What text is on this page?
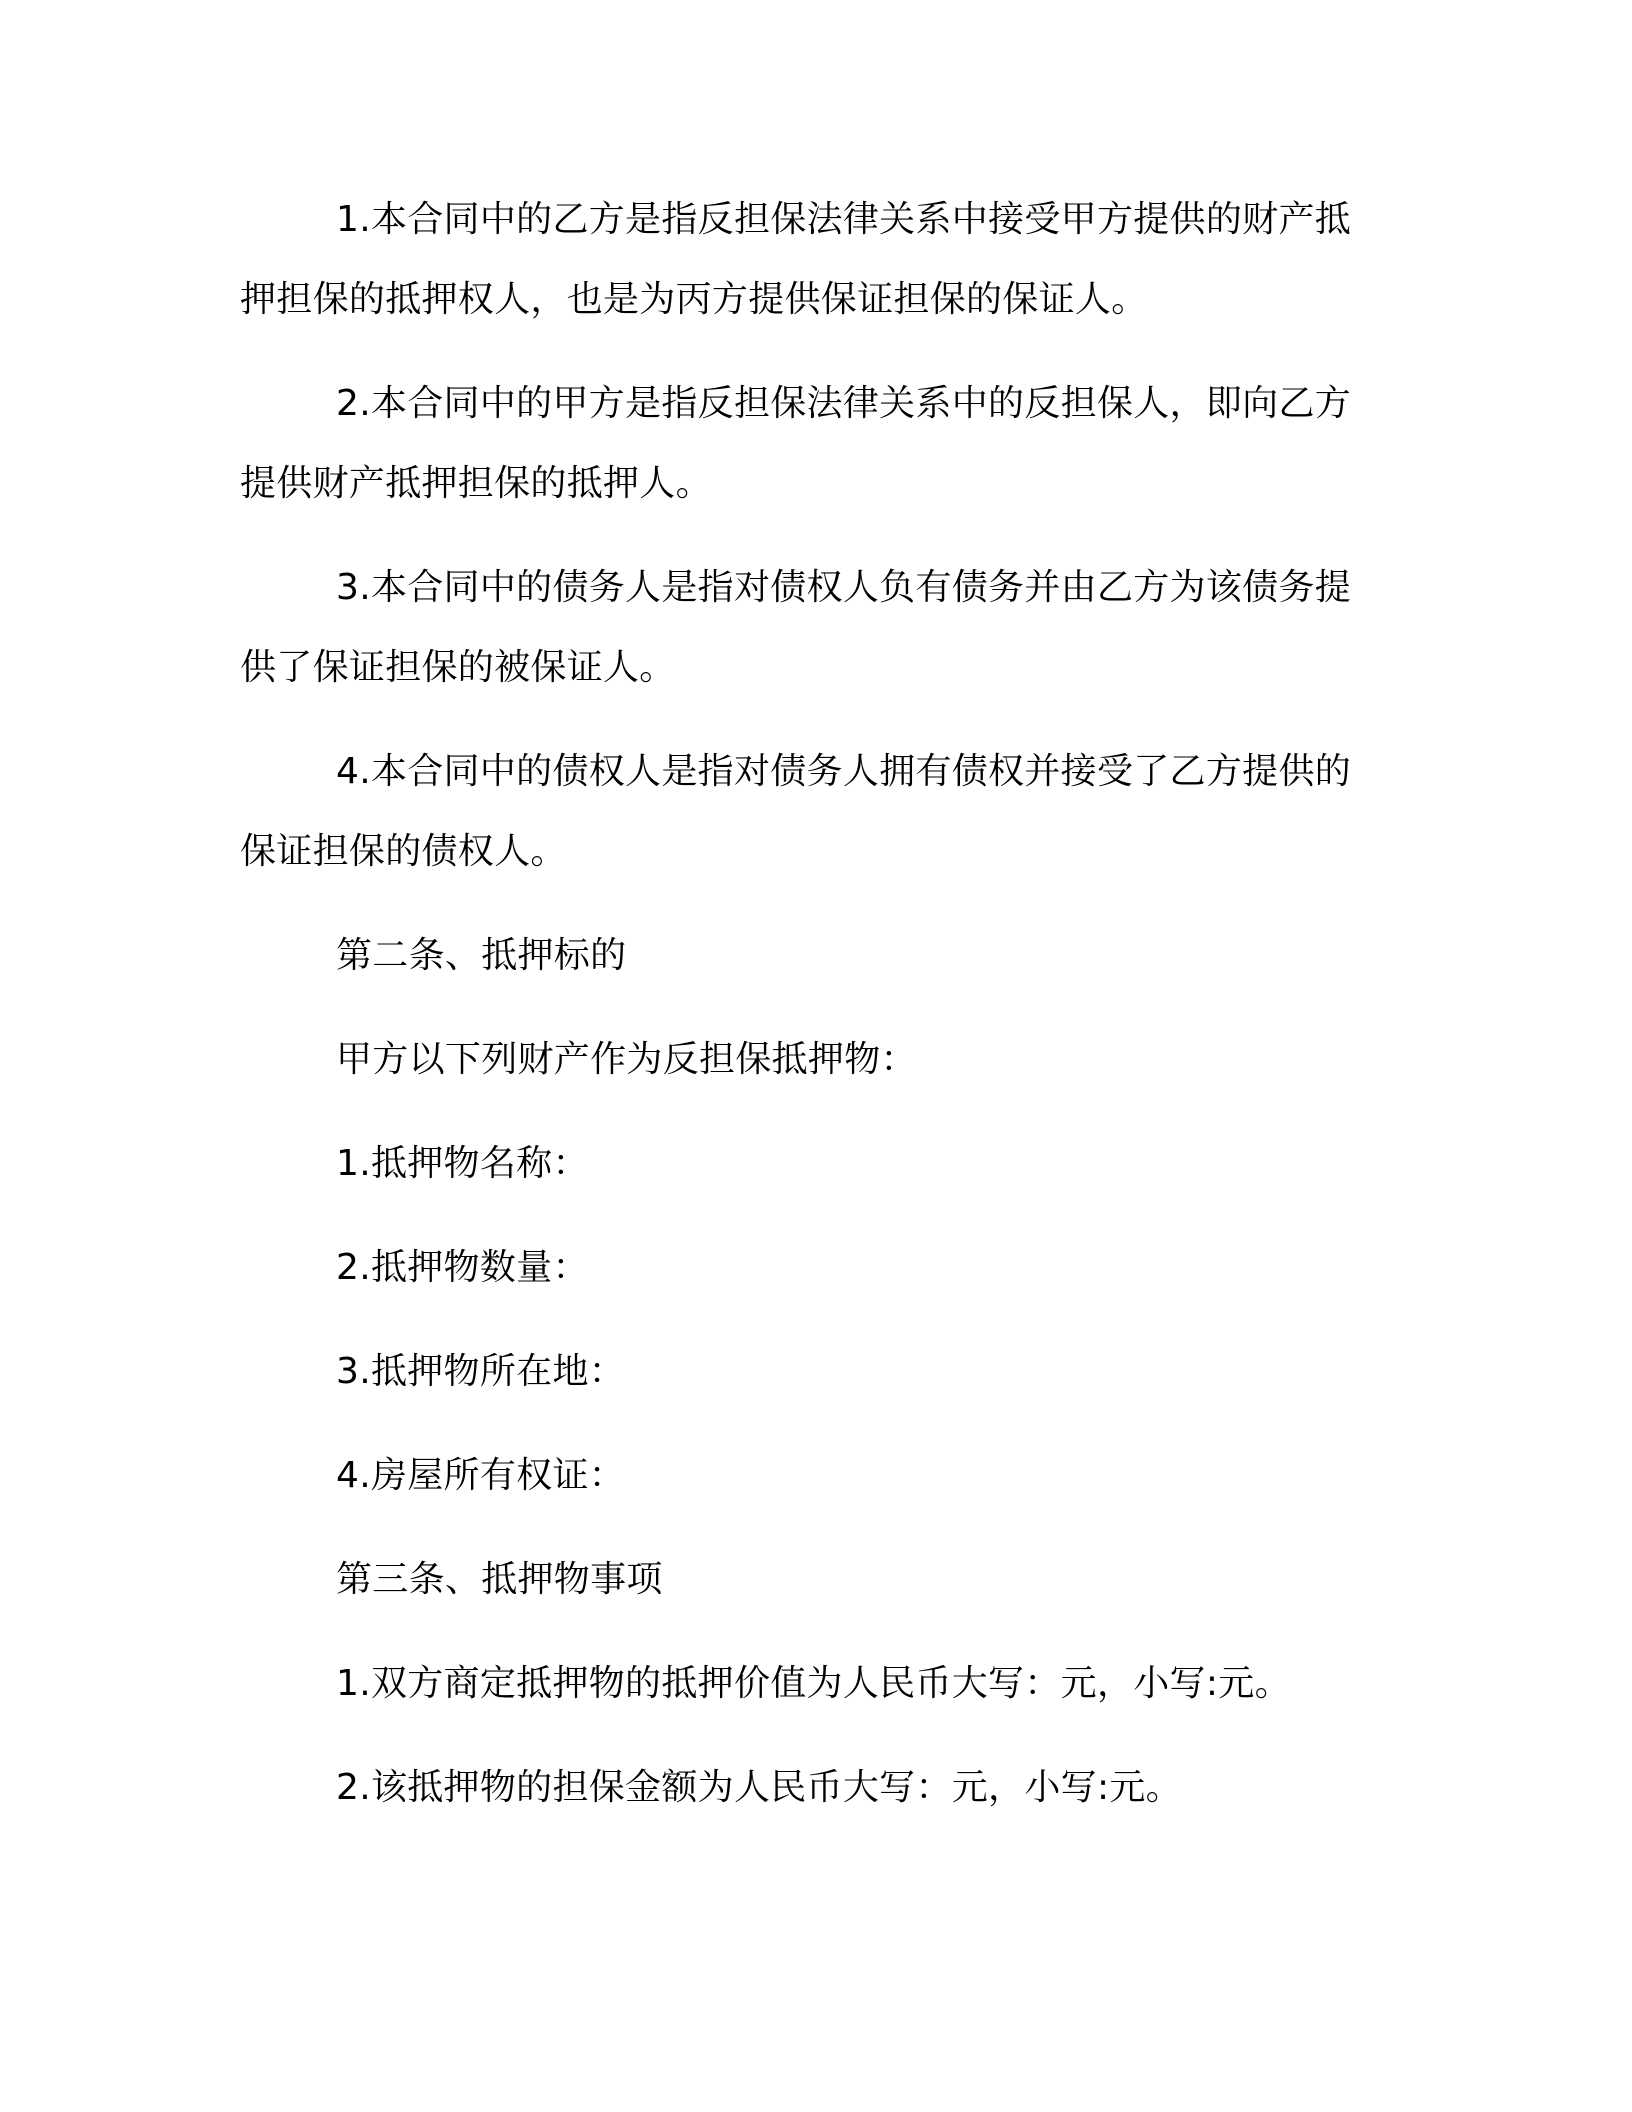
1.本合同中的乙方是指反担保法律关系中接受甲方提供的财产抵押担保的抵押权人，也是为丙方提供保证担保的保证人。

2.本合同中的甲方是指反担保法律关系中的反担保人，即向乙方提供财产抵押担保的抵押人。

3.本合同中的债务人是指对债权人负有债务并由乙方为该债务提供了保证担保的被保证人。

4.本合同中的债权人是指对债务人拥有债权并接受了乙方提供的保证担保的债权人。

第二条、抵押标的

甲方以下列财产作为反担保抵押物：

1.抵押物名称：

2.抵押物数量：

3.抵押物所在地：

4.房屋所有权证：

第三条、抵押物事项

1.双方商定抵押物的抵押价值为人民币大写：元，小写:元。

2.该抵押物的担保金额为人民币大写：元，小写:元。
